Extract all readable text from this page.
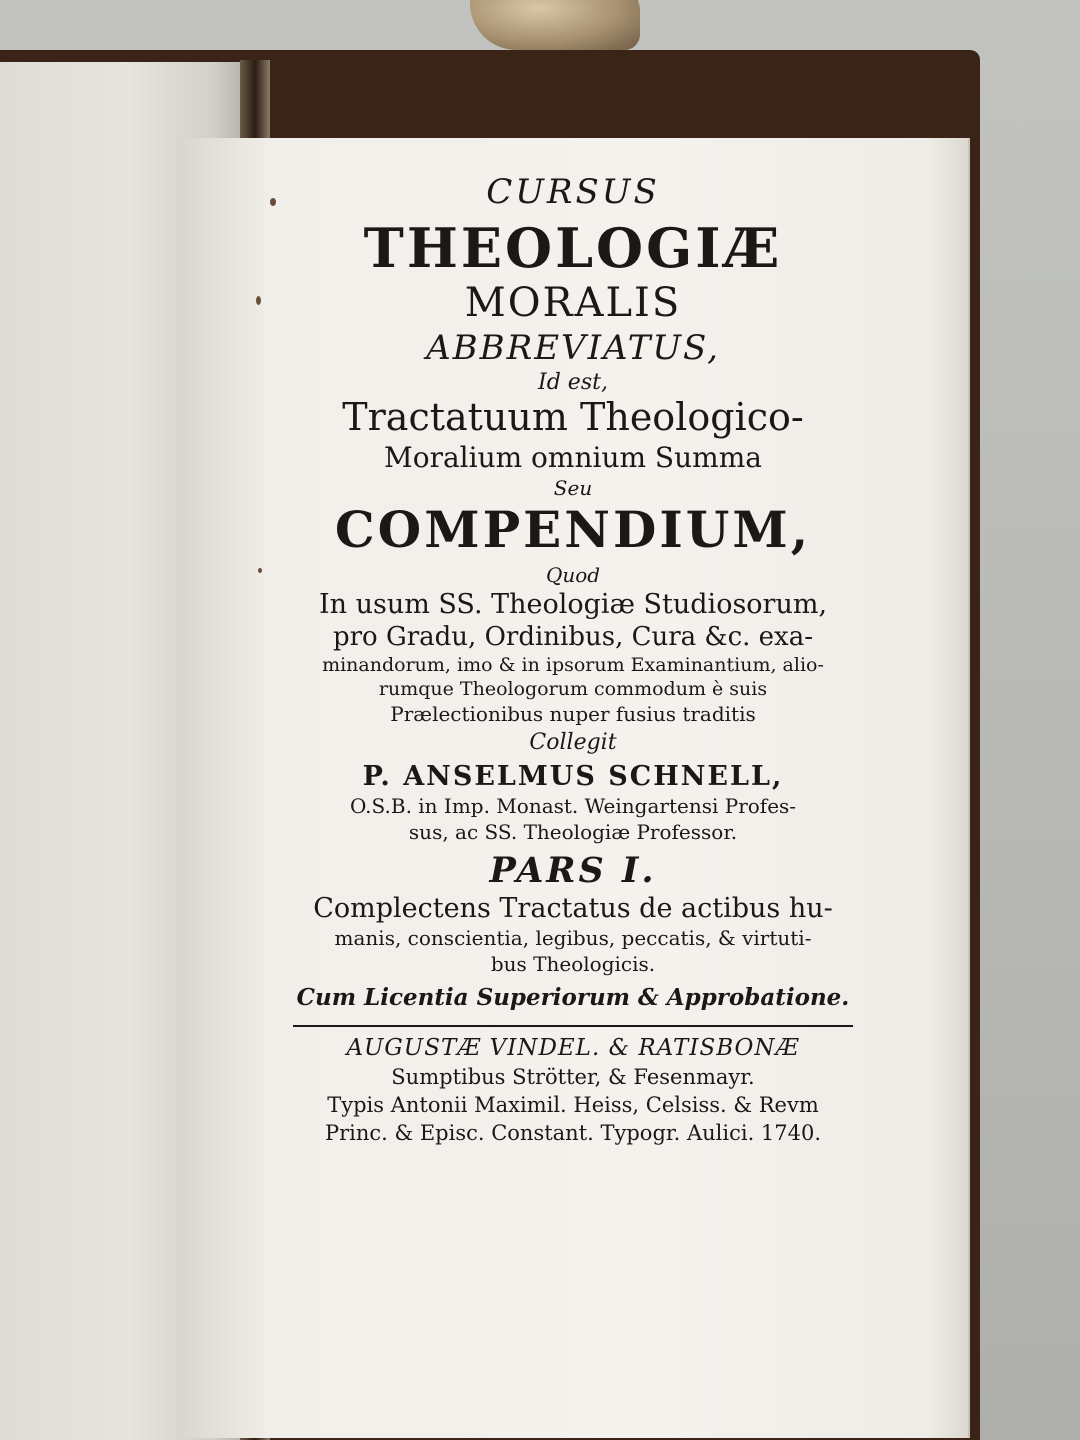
CURSUS
THEOLOGIÆ
MORALIS
ABBREVIATUS,
Id est,
Tractatuum Theologico-
Moralium omnium Summa
Seu
COMPENDIUM,
Quod
In usum SS. Theologiæ Studiosorum,
pro Gradu, Ordinibus, Cura &c. exa-
minandorum, imo & in ipsorum Examinantium, alio-
rumque Theologorum commodum è suis
Prælectionibus nuper fusius traditis
Collegit
P. ANSELMUS SCHNELL,
O.S.B. in Imp. Monast. Weingartensi Profes-
sus, ac SS. Theologiæ Professor.
PARS I.
Complectens Tractatus de actibus hu-
manis, conscientia, legibus, peccatis, & virtuti-
bus Theologicis.
Cum Licentia Superiorum & Approbatione.
AUGUSTÆ VINDEL. & RATISBONÆ
Sumptibus Strötter, & Fesenmayr.
Typis Antonii Maximil. Heiss, Celsiss. & Revm
Princ. & Episc. Constant. Typogr. Aulici. 1740.
